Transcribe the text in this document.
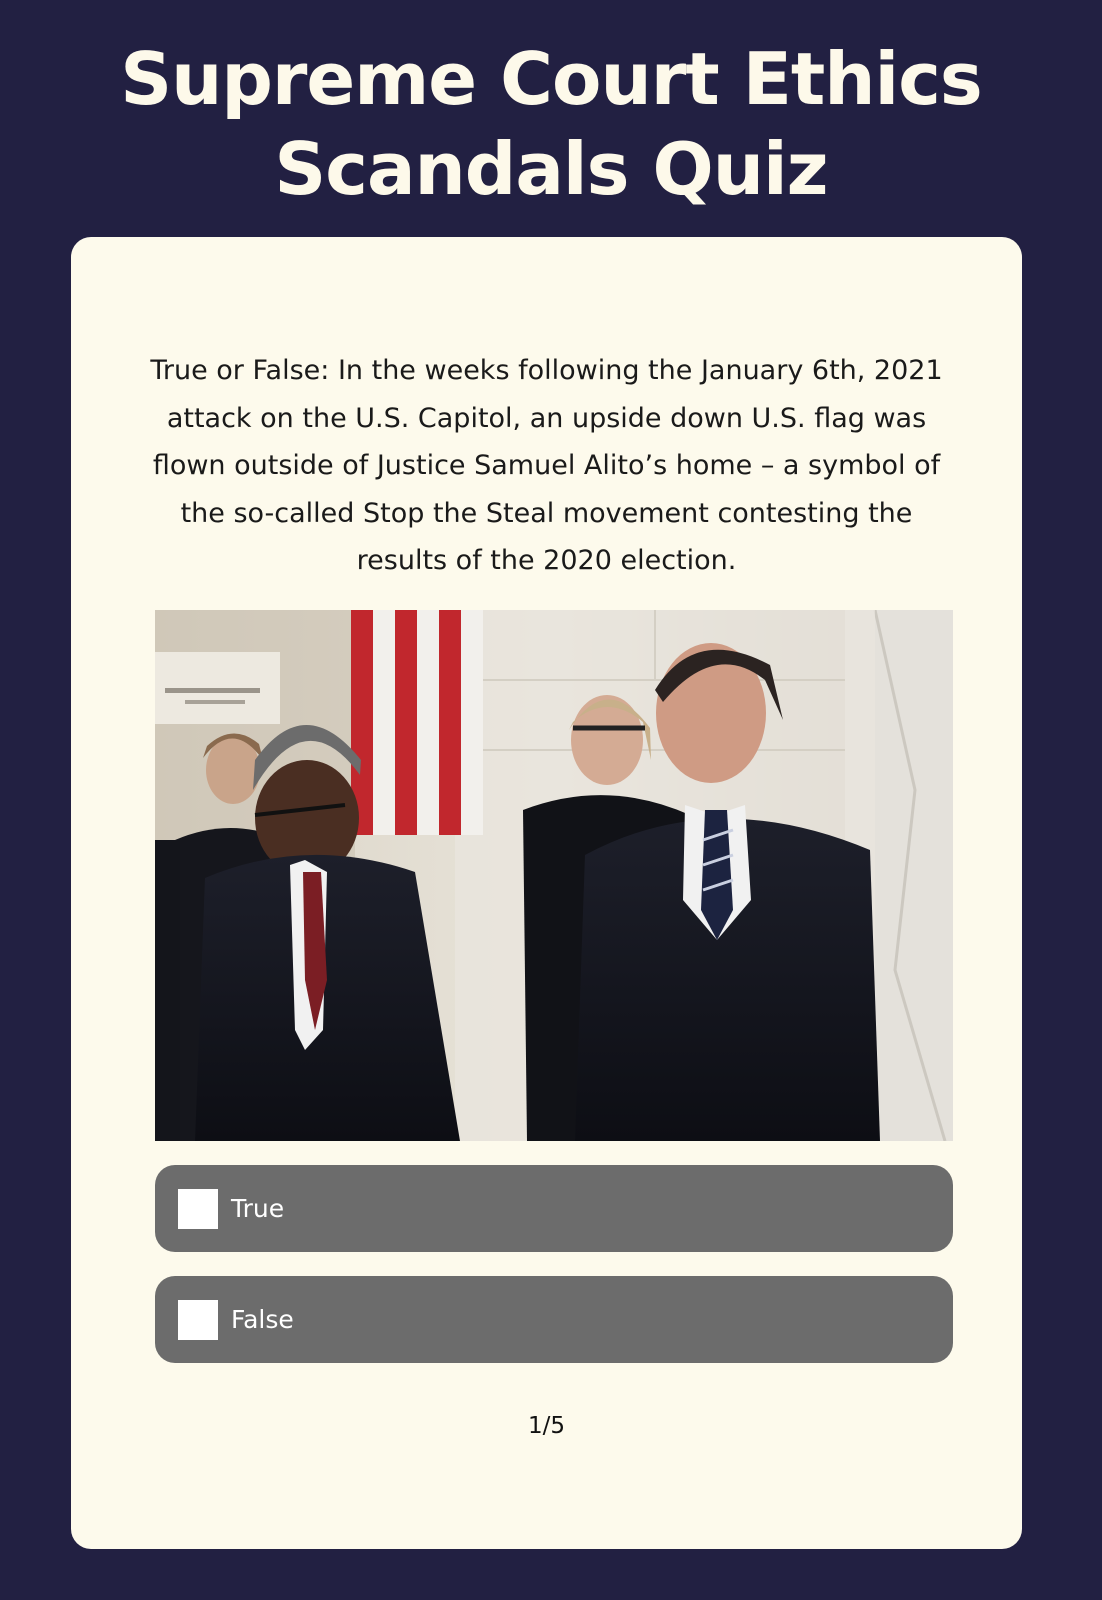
Supreme Court Ethics Scandals Quiz

True or False: In the weeks following the January 6th, 2021 attack on the U.S. Capitol, an upside down U.S. flag was flown outside of Justice Samuel Alito’s home – a symbol of the so-called Stop the Steal movement contesting the results of the 2020 election.

True
False
1/5
